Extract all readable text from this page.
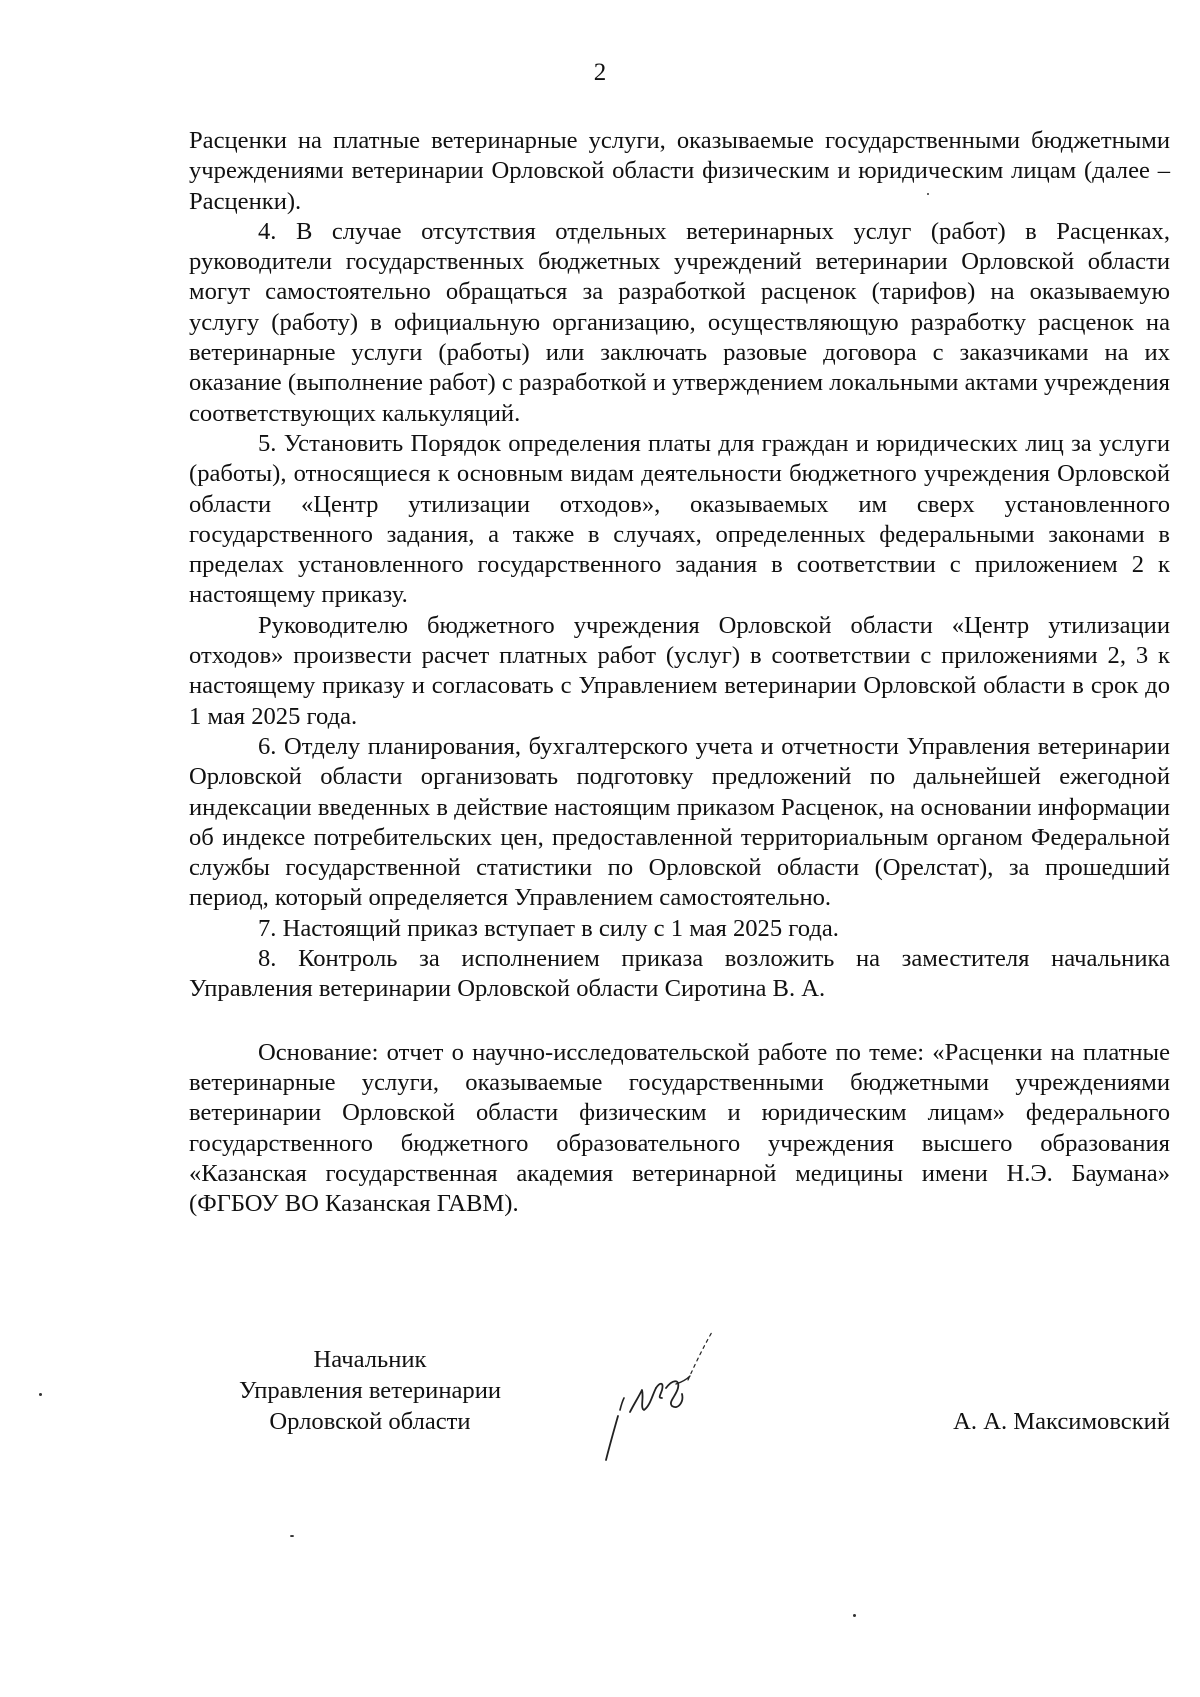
2

Расценки на платные ветеринарные услуги, оказываемые государственными бюджетными учреждениями ветеринарии Орловской области физическим и юридическим лицам (далее – Расценки).

4. В случае отсутствия отдельных ветеринарных услуг (работ) в Расценках, руководители государственных бюджетных учреждений ветеринарии Орловской области могут самостоятельно обращаться за разработкой расценок (тарифов) на оказываемую услугу (работу) в официальную организацию, осуществляющую разработку расценок на ветеринарные услуги (работы) или заключать разовые договора с заказчиками на их оказание (выполнение работ) с разработкой и утверждением локальными актами учреждения соответствующих калькуляций.

5. Установить Порядок определения платы для граждан и юридических лиц за услуги (работы), относящиеся к основным видам деятельности бюджетного учреждения Орловской области «Центр утилизации отходов», оказываемых им сверх установленного государственного задания, а также в случаях, определенных федеральными законами в пределах установленного государственного задания в соответствии с приложением 2 к настоящему приказу.

Руководителю бюджетного учреждения Орловской области «Центр утилизации отходов» произвести расчет платных работ (услуг) в соответствии с приложениями 2, 3 к настоящему приказу и согласовать с Управлением ветеринарии Орловской области в срок до 1 мая 2025 года.

6. Отделу планирования, бухгалтерского учета и отчетности Управления ветеринарии Орловской области организовать подготовку предложений по дальнейшей ежегодной индексации введенных в действие настоящим приказом Расценок, на основании информации об индексе потребительских цен, предоставленной территориальным органом Федеральной службы государственной статистики по Орловской области (Орелстат), за прошедший период, который определяется Управлением самостоятельно.

7. Настоящий приказ вступает в силу с 1 мая 2025 года.

8. Контроль за исполнением приказа возложить на заместителя начальника Управления ветеринарии Орловской области Сиротина В. А.

Основание: отчет о научно-исследовательской работе по теме: «Расценки на платные ветеринарные услуги, оказываемые государственными бюджетными учреждениями ветеринарии Орловской области физическим и юридическим лицам» федерального государственного бюджетного образовательного учреждения высшего образования «Казанская государственная академия ветеринарной медицины имени Н.Э. Баумана» (ФГБОУ ВО Казанская ГАВМ).

Начальник
Управления ветеринарии
Орловской области	А. А. Максимовский
